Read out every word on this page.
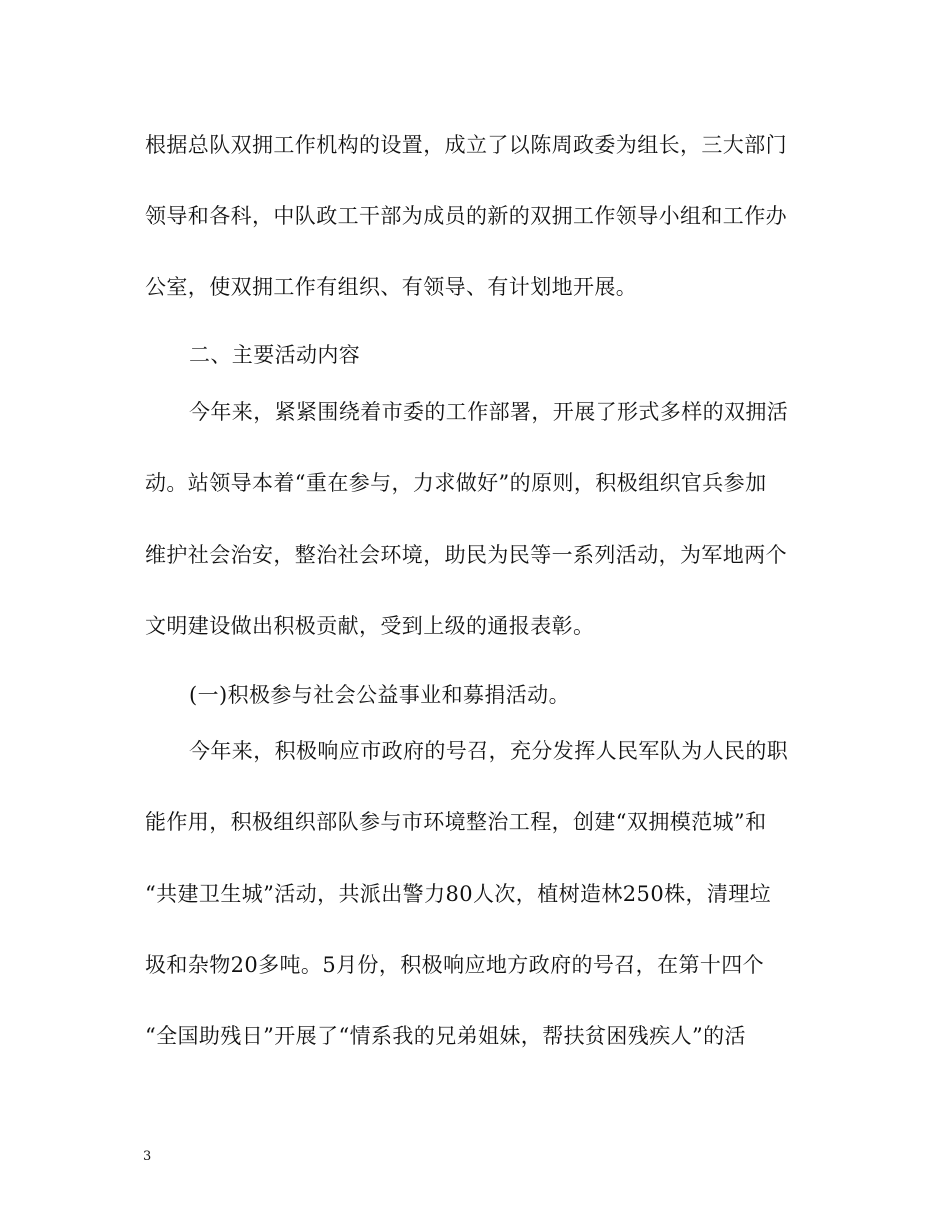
根据总队双拥工作机构的设置，成立了以陈周政委为组长，三大部门
领导和各科，中队政工干部为成员的新的双拥工作领导小组和工作办
公室，使双拥工作有组织、有领导、有计划地开展。
二、主要活动内容
今年来，紧紧围绕着市委的工作部署，开展了形式多样的双拥活
动。站领导本着“重在参与，力求做好”的原则，积极组织官兵参加
维护社会治安，整治社会环境，助民为民等一系列活动，为军地两个
文明建设做出积极贡献，受到上级的通报表彰。
(一)积极参与社会公益事业和募捐活动。
今年来，积极响应市政府的号召，充分发挥人民军队为人民的职
能作用，积极组织部队参与市环境整治工程，创建“双拥模范城”和
“共建卫生城”活动，共派出警力80人次，植树造林250株，清理垃
圾和杂物20多吨。5月份，积极响应地方政府的号召，在第十四个
“全国助残日”开展了“情系我的兄弟姐妹，帮扶贫困残疾人”的活
3
